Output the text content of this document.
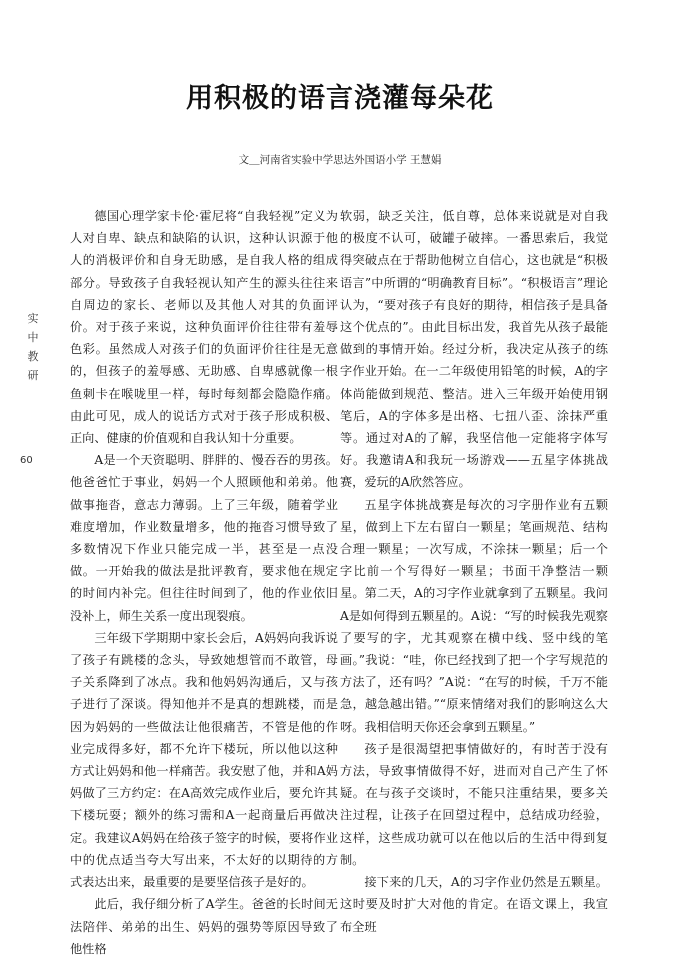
用积极的语言浇灌每朵花
文＿河南省实验中学思达外国语小学 王慧娟
实中教研
60

德国心理学家卡伦·霍尼将“自我轻视”定义为人对自卑、缺点和缺陷的认识，这种认识源于他人的消极评价和自身无助感，是自我人格的组成部分。导致孩子自我轻视认知产生的源头往往来自周边的家长、老师以及其他人对其的负面评价。对于孩子来说，这种负面评价往往带有羞辱色彩。虽然成人对孩子们的负面评价往往是无意的，但孩子的羞辱感、无助感、自卑感就像一根鱼刺卡在喉咙里一样，每时每刻都会隐隐作痛。由此可见，成人的说话方式对于孩子形成积极、正向、健康的价值观和自我认知十分重要。

A是一个天资聪明、胖胖的、慢吞吞的男孩。他爸爸忙于事业，妈妈一个人照顾他和弟弟。他做事拖沓，意志力薄弱。上了三年级，随着学业难度增加，作业数量增多，他的拖沓习惯导致了多数情况下作业只能完成一半，甚至是一点没做。一开始我的做法是批评教育，要求他在规定的时间内补完。但往往时间到了，他的作业依旧没补上，师生关系一度出现裂痕。

三年级下学期期中家长会后，A妈妈向我诉说了孩子有跳楼的念头，导致她想管而不敢管，母子关系降到了冰点。我和他妈妈沟通后，又与孩子进行了深谈。得知他并不是真的想跳楼，而是因为妈妈的一些做法让他很痛苦，不管是他的作业完成得多好，都不允许下楼玩，所以他以这种方式让妈妈和他一样痛苦。我安慰了他，并和A妈妈做了三方约定：在A高效完成作业后，要允许其下楼玩耍；额外的练习需和A一起商量后再做决定。我建议A妈妈在给孩子签字的时候，要将作业中的优点适当夸大写出来，不太好的以期待的方式表达出来，最重要的是要坚信孩子是好的。

此后，我仔细分析了A学生。爸爸的长时间无法陪伴、弟弟的出生、妈妈的强势等原因导致了他性格

软弱，缺乏关注，低自尊，总体来说就是对自我的极度不认可，破罐子破摔。一番思索后，我觉得突破点在于帮助他树立自信心，这也就是“积极语言”中所谓的“明确教育目标”。“积极语言”理论认为，“要对孩子有良好的期待，相信孩子是具备这个优点的”。由此目标出发，我首先从孩子最能做到的事情开始。经过分析，我决定从孩子的练字作业开始。在一二年级使用铅笔的时候，A的字体尚能做到规范、整洁。进入三年级开始使用钢笔后，A的字体多是出格、七扭八歪、涂抹严重等。通过对A的了解，我坚信他一定能将字体写好。我邀请A和我玩一场游戏——五星字体挑战赛，爱玩的A欣然答应。

五星字体挑战赛是每次的习字册作业有五颗星，做到上下左右留白一颗星；笔画规范、结构合理一颗星；一次写成，不涂抹一颗星；后一个字比前一个写得好一颗星；书面干净整洁一颗星。第二天，A的习字作业就拿到了五颗星。我问A是如何得到五颗星的。A说：“写的时候我先观察了要写的字，尤其观察在横中线、竖中线的笔画。”我说：“哇，你已经找到了把一个字写规范的方法了，还有吗？”A说：“在写的时候，千万不能急，越急越出错。”“原来情绪对我们的影响这么大呀。我相信明天你还会拿到五颗星。”

孩子是很渴望把事情做好的，有时苦于没有方法，导致事情做得不好，进而对自己产生了怀疑。在与孩子交谈时，不能只注重结果，要多关注过程，让孩子在回望过程中，总结成功经验，这样，这些成功就可以在他以后的生活中得到复制。

接下来的几天，A的习字作业仍然是五颗星。这时要及时扩大对他的肯定。在语文课上，我宣布全班
